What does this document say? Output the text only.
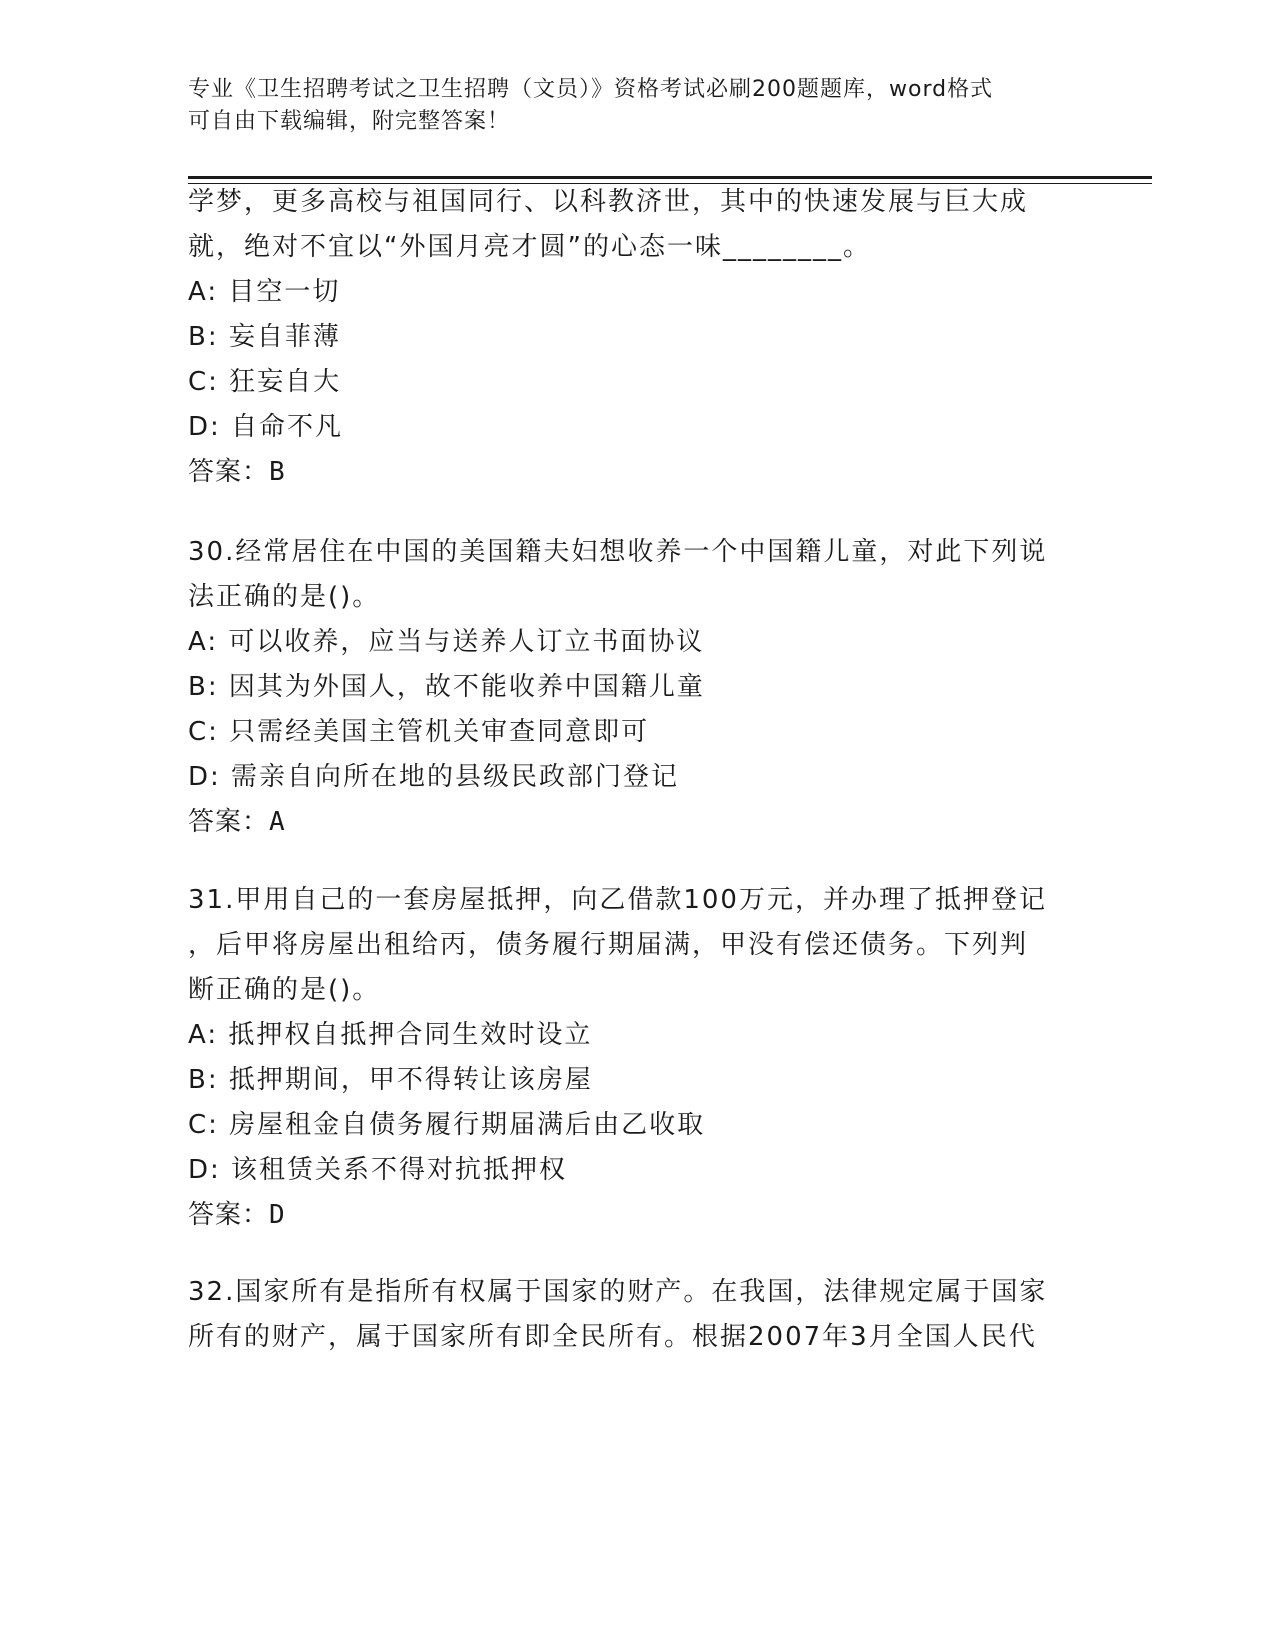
专业《卫生招聘考试之卫生招聘（文员）》资格考试必刷200题题库，word格式
可自由下载编辑，附完整答案！
学梦，更多高校与祖国同行、以科教济世，其中的快速发展与巨大成
就，绝对不宜以“外国月亮才圆”的心态一味________。
A: 目空一切
B: 妄自菲薄
C: 狂妄自大
D: 自命不凡
答案：B
30.经常居住在中国的美国籍夫妇想收养一个中国籍儿童，对此下列说
法正确的是()。
A: 可以收养，应当与送养人订立书面协议
B: 因其为外国人，故不能收养中国籍儿童
C: 只需经美国主管机关审查同意即可
D: 需亲自向所在地的县级民政部门登记
答案：A
31.甲用自己的一套房屋抵押，向乙借款100万元，并办理了抵押登记
，后甲将房屋出租给丙，债务履行期届满，甲没有偿还债务。下列判
断正确的是()。
A: 抵押权自抵押合同生效时设立
B: 抵押期间，甲不得转让该房屋
C: 房屋租金自债务履行期届满后由乙收取
D: 该租赁关系不得对抗抵押权
答案：D
32.国家所有是指所有权属于国家的财产。在我国，法律规定属于国家
所有的财产，属于国家所有即全民所有。根据2007年3月全国人民代
